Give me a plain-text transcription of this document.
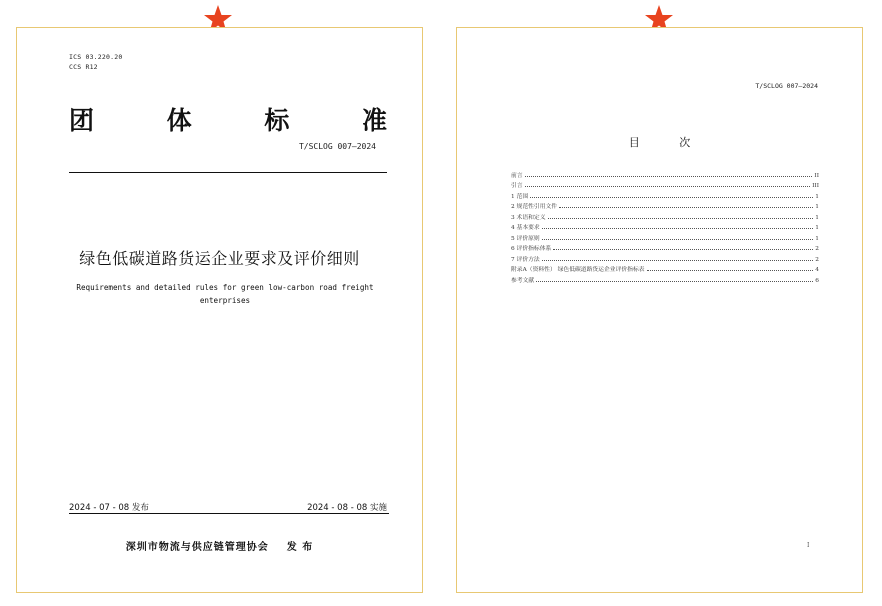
ICS 03.220.20
CCS R12
团	体	标	准
T/SCLOG 007—2024
绿色低碳道路货运企业要求及评价细则
Requirements and detailed rules for green low-carbon road freight enterprises
2024 - 07 - 08 发布	2024 - 08 - 08 实施
深圳市物流与供应链管理协会    发 布
T/SCLOG 007—2024
目 次
前言	II
引言	III
1 范围	1
2 规范性引用文件	1
3 术语和定义	1
4 基本要求	1
5 评价原则	1
6 评价指标体系	2
7 评价方法	2
附录A（资料性） 绿色低碳道路货运企业评价指标表	4
参考文献	6
I
